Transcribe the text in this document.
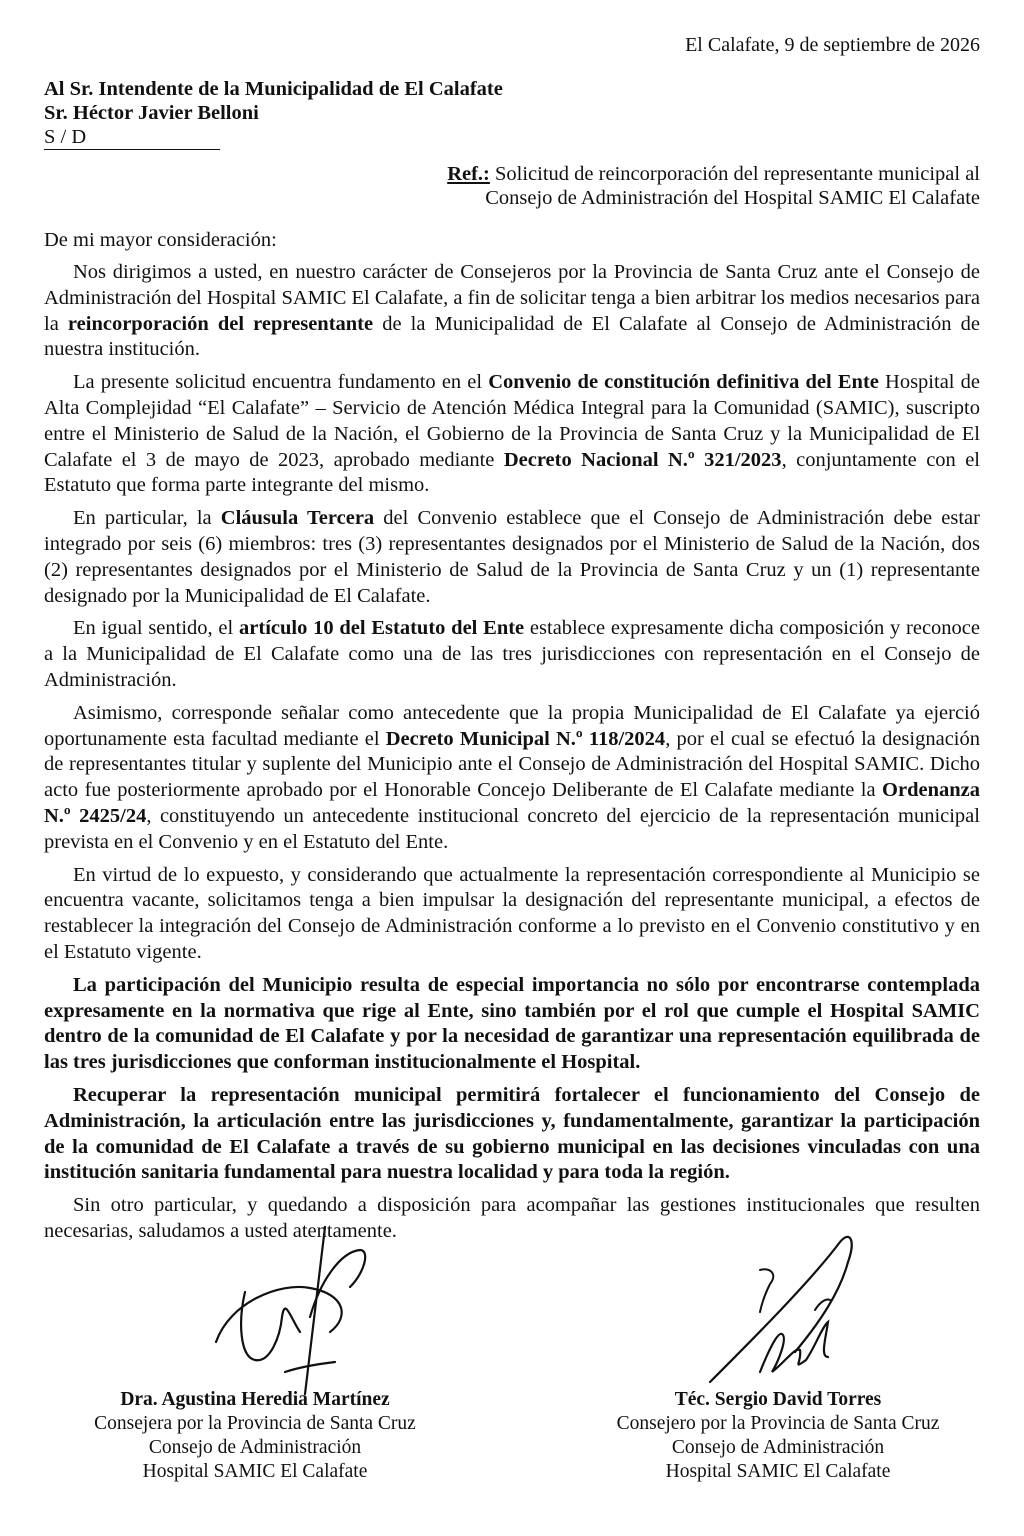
El Calafate, 9 de septiembre de 2026
Al Sr. Intendente de la Municipalidad de El Calafate
Sr. Héctor Javier Belloni
S / D
Ref.: Solicitud de reincorporación del representante municipal al Consejo de Administración del Hospital SAMIC El Calafate
De mi mayor consideración:

Nos dirigimos a usted, en nuestro carácter de Consejeros por la Provincia de Santa Cruz ante el Consejo de Administración del Hospital SAMIC El Calafate, a fin de solicitar tenga a bien arbitrar los medios necesarios para la reincorporación del representante de la Municipalidad de El Calafate al Consejo de Administración de nuestra institución.

La presente solicitud encuentra fundamento en el Convenio de constitución definitiva del Ente Hospital de Alta Complejidad “El Calafate” – Servicio de Atención Médica Integral para la Comunidad (SAMIC), suscripto entre el Ministerio de Salud de la Nación, el Gobierno de la Provincia de Santa Cruz y la Municipalidad de El Calafate el 3 de mayo de 2023, aprobado mediante Decreto Nacional N.º 321/2023, conjuntamente con el Estatuto que forma parte integrante del mismo.

En particular, la Cláusula Tercera del Convenio establece que el Consejo de Administración debe estar integrado por seis (6) miembros: tres (3) representantes designados por el Ministerio de Salud de la Nación, dos (2) representantes designados por el Ministerio de Salud de la Provincia de Santa Cruz y un (1) representante designado por la Municipalidad de El Calafate.

En igual sentido, el artículo 10 del Estatuto del Ente establece expresamente dicha composición y reconoce a la Municipalidad de El Calafate como una de las tres jurisdicciones con representación en el Consejo de Administración.

Asimismo, corresponde señalar como antecedente que la propia Municipalidad de El Calafate ya ejerció oportunamente esta facultad mediante el Decreto Municipal N.º 118/2024, por el cual se efectuó la designación de representantes titular y suplente del Municipio ante el Consejo de Administración del Hospital SAMIC. Dicho acto fue posteriormente aprobado por el Honorable Concejo Deliberante de El Calafate mediante la Ordenanza N.º 2425/24, constituyendo un antecedente institucional concreto del ejercicio de la representación municipal prevista en el Convenio y en el Estatuto del Ente.

En virtud de lo expuesto, y considerando que actualmente la representación correspondiente al Municipio se encuentra vacante, solicitamos tenga a bien impulsar la designación del representante municipal, a efectos de restablecer la integración del Consejo de Administración conforme a lo previsto en el Convenio constitutivo y en el Estatuto vigente.

La participación del Municipio resulta de especial importancia no sólo por encontrarse contemplada expresamente en la normativa que rige al Ente, sino también por el rol que cumple el Hospital SAMIC dentro de la comunidad de El Calafate y por la necesidad de garantizar una representación equilibrada de las tres jurisdicciones que conforman institucionalmente el Hospital.

Recuperar la representación municipal permitirá fortalecer el funcionamiento del Consejo de Administración, la articulación entre las jurisdicciones y, fundamentalmente, garantizar la participación de la comunidad de El Calafate a través de su gobierno municipal en las decisiones vinculadas con una institución sanitaria fundamental para nuestra localidad y para toda la región.

Sin otro particular, y quedando a disposición para acompañar las gestiones institucionales que resulten necesarias, saludamos a usted atentamente.

Dra. Agustina Heredia Martínez
Consejera por la Provincia de Santa Cruz
Consejo de Administración
Hospital SAMIC El Calafate
Téc. Sergio David Torres
Consejero por la Provincia de Santa Cruz
Consejo de Administración
Hospital SAMIC El Calafate
